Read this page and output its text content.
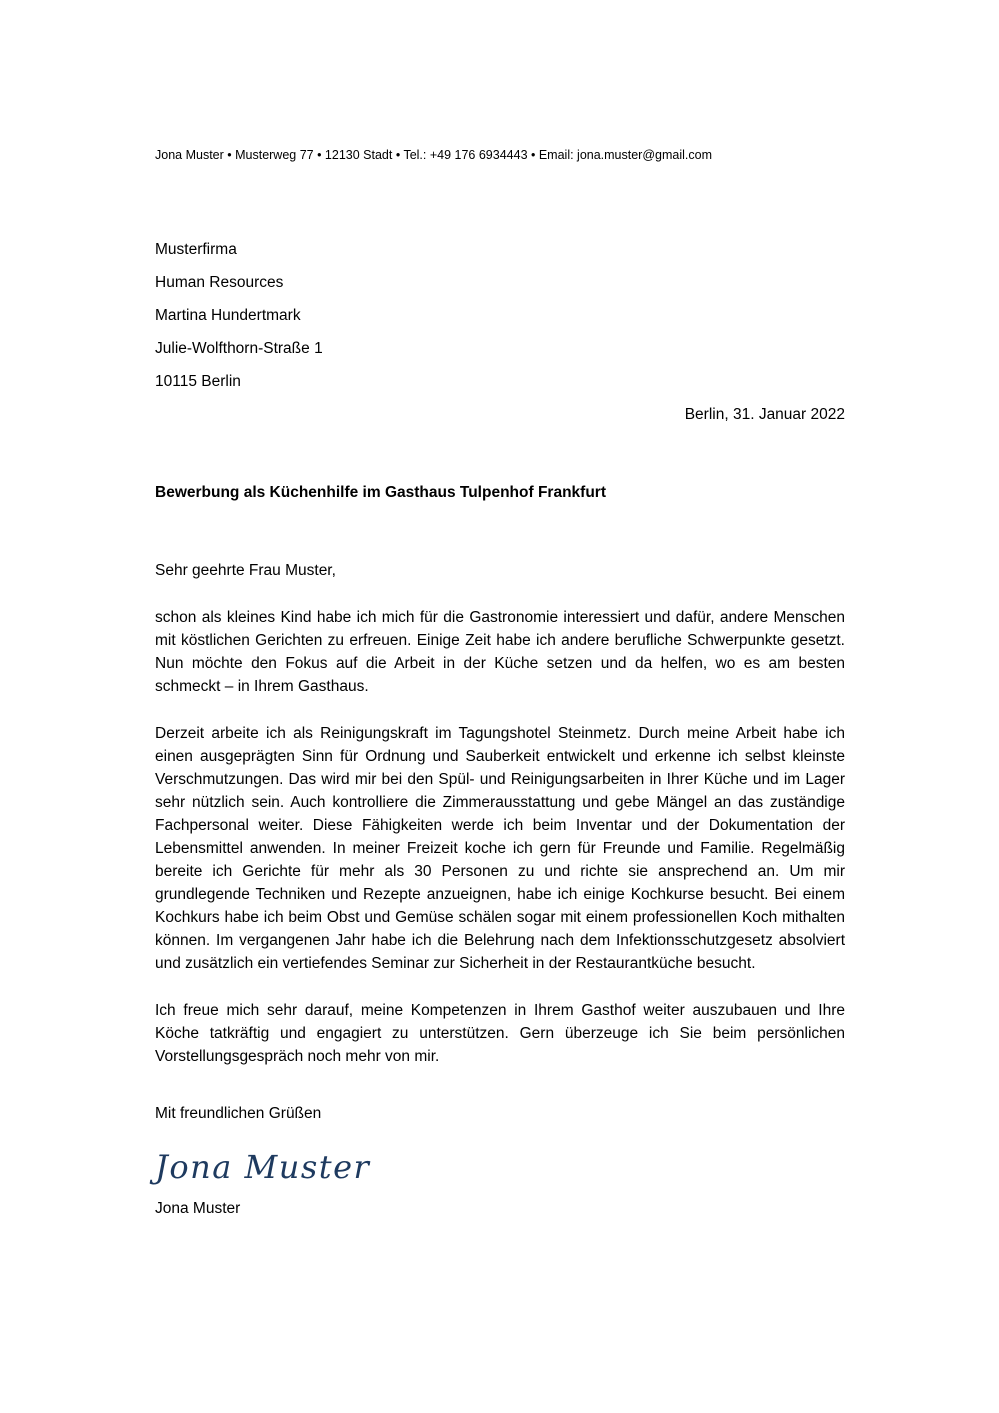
Jona Muster • Musterweg 77 • 12130 Stadt • Tel.: +49 176 6934443 • Email: jona.muster@gmail.com
Musterfirma
Human Resources
Martina Hundertmark
Julie-Wolfthorn-Straße 1
10115 Berlin
Berlin, 31. Januar 2022
Bewerbung als Küchenhilfe im Gasthaus Tulpenhof Frankfurt
Sehr geehrte Frau Muster,

schon als kleines Kind habe ich mich für die Gastronomie interessiert und dafür, andere Menschen mit köstlichen Gerichten zu erfreuen. Einige Zeit habe ich andere berufliche Schwerpunkte gesetzt. Nun möchte den Fokus auf die Arbeit in der Küche setzen und da helfen, wo es am besten schmeckt – in Ihrem Gasthaus.

Derzeit arbeite ich als Reinigungskraft im Tagungshotel Steinmetz. Durch meine Arbeit habe ich einen ausgeprägten Sinn für Ordnung und Sauberkeit entwickelt und erkenne ich selbst kleinste Verschmutzungen. Das wird mir bei den Spül- und Reinigungsarbeiten in Ihrer Küche und im Lager sehr nützlich sein. Auch kontrolliere die Zimmerausstattung und gebe Mängel an das zuständige Fachpersonal weiter. Diese Fähigkeiten werde ich beim Inventar und der Dokumentation der Lebensmittel anwenden. In meiner Freizeit koche ich gern für Freunde und Familie. Regelmäßig bereite ich Gerichte für mehr als 30 Personen zu und richte sie ansprechend an. Um mir grundlegende Techniken und Rezepte anzueignen, habe ich einige Kochkurse besucht. Bei einem Kochkurs habe ich beim Obst und Gemüse schälen sogar mit einem professionellen Koch mithalten können. Im vergangenen Jahr habe ich die Belehrung nach dem Infektionsschutzgesetz absolviert und zusätzlich ein vertiefendes Seminar zur Sicherheit in der Restaurantküche besucht.

Ich freue mich sehr darauf, meine Kompetenzen in Ihrem Gasthof weiter auszubauen und Ihre Köche tatkräftig und engagiert zu unterstützen. Gern überzeuge ich Sie beim persönlichen Vorstellungsgespräch noch mehr von mir.

Mit freundlichen Grüßen
Jona Muster
Jona Muster
